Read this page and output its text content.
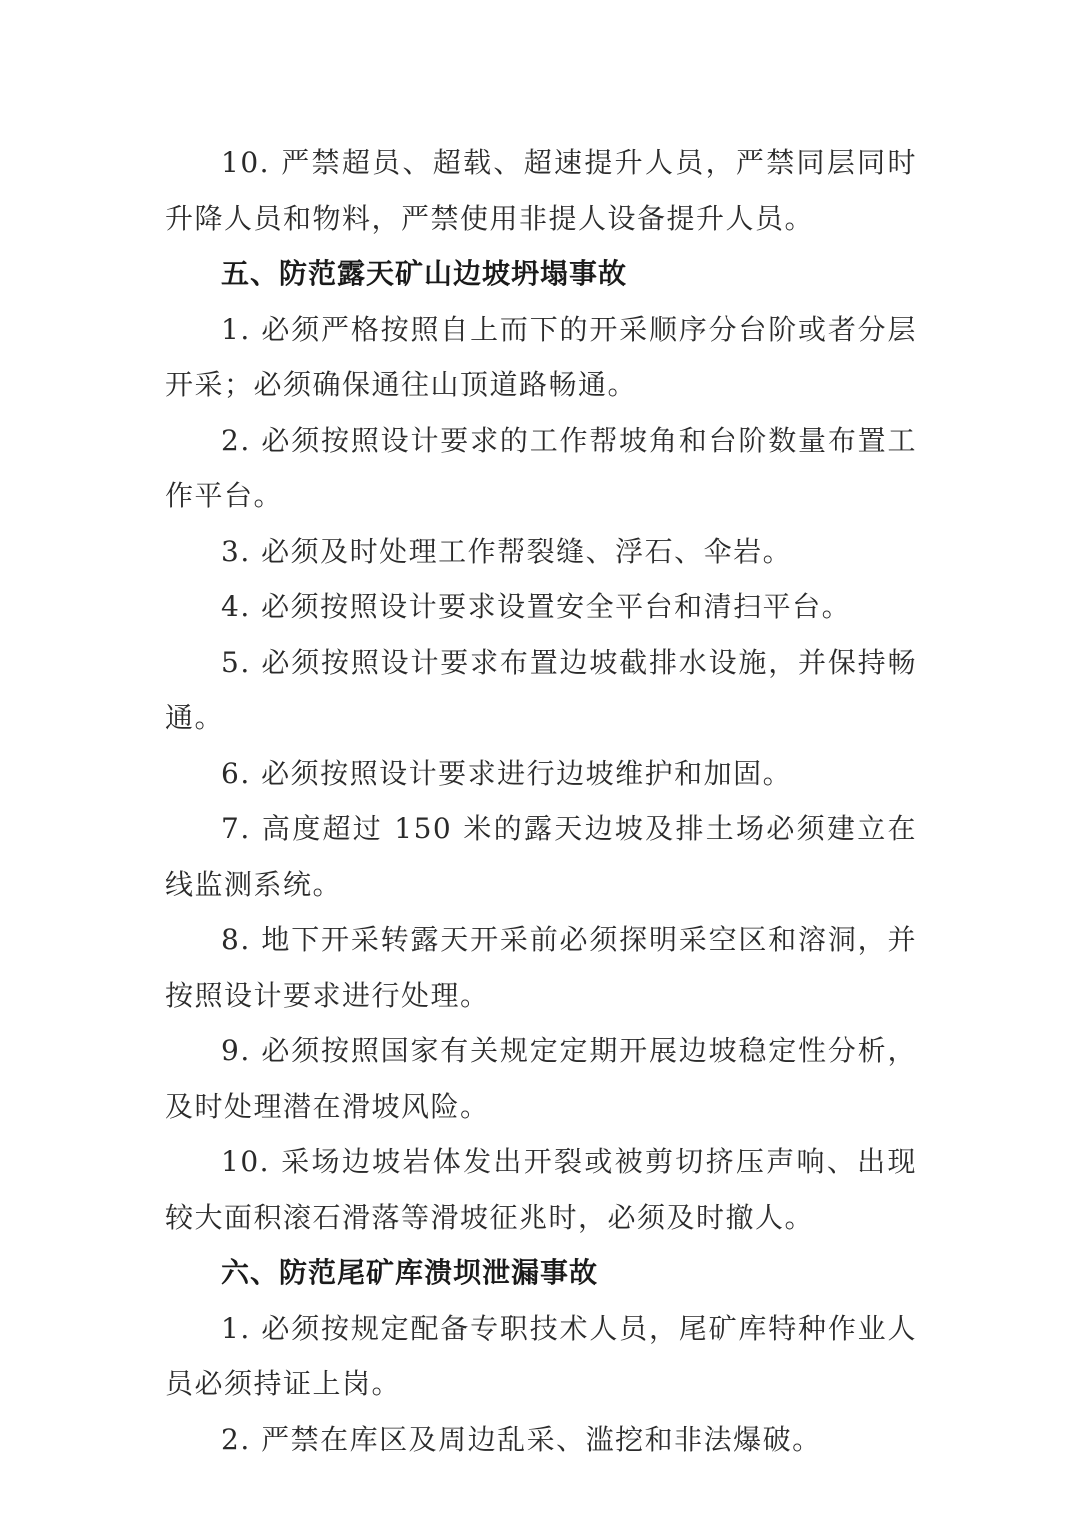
10. 严禁超员、超载、超速提升人员，严禁同层同时升降人员和物料，严禁使用非提人设备提升人员。

五、防范露天矿山边坡坍塌事故

1. 必须严格按照自上而下的开采顺序分台阶或者分层开采；必须确保通往山顶道路畅通。

2. 必须按照设计要求的工作帮坡角和台阶数量布置工作平台。

3. 必须及时处理工作帮裂缝、浮石、伞岩。

4. 必须按照设计要求设置安全平台和清扫平台。

5. 必须按照设计要求布置边坡截排水设施，并保持畅通。

6. 必须按照设计要求进行边坡维护和加固。

7. 高度超过 150 米的露天边坡及排土场必须建立在线监测系统。

8. 地下开采转露天开采前必须探明采空区和溶洞，并按照设计要求进行处理。

9. 必须按照国家有关规定定期开展边坡稳定性分析，及时处理潜在滑坡风险。

10. 采场边坡岩体发出开裂或被剪切挤压声响、出现较大面积滚石滑落等滑坡征兆时，必须及时撤人。

六、防范尾矿库溃坝泄漏事故

1. 必须按规定配备专职技术人员，尾矿库特种作业人员必须持证上岗。

2. 严禁在库区及周边乱采、滥挖和非法爆破。
